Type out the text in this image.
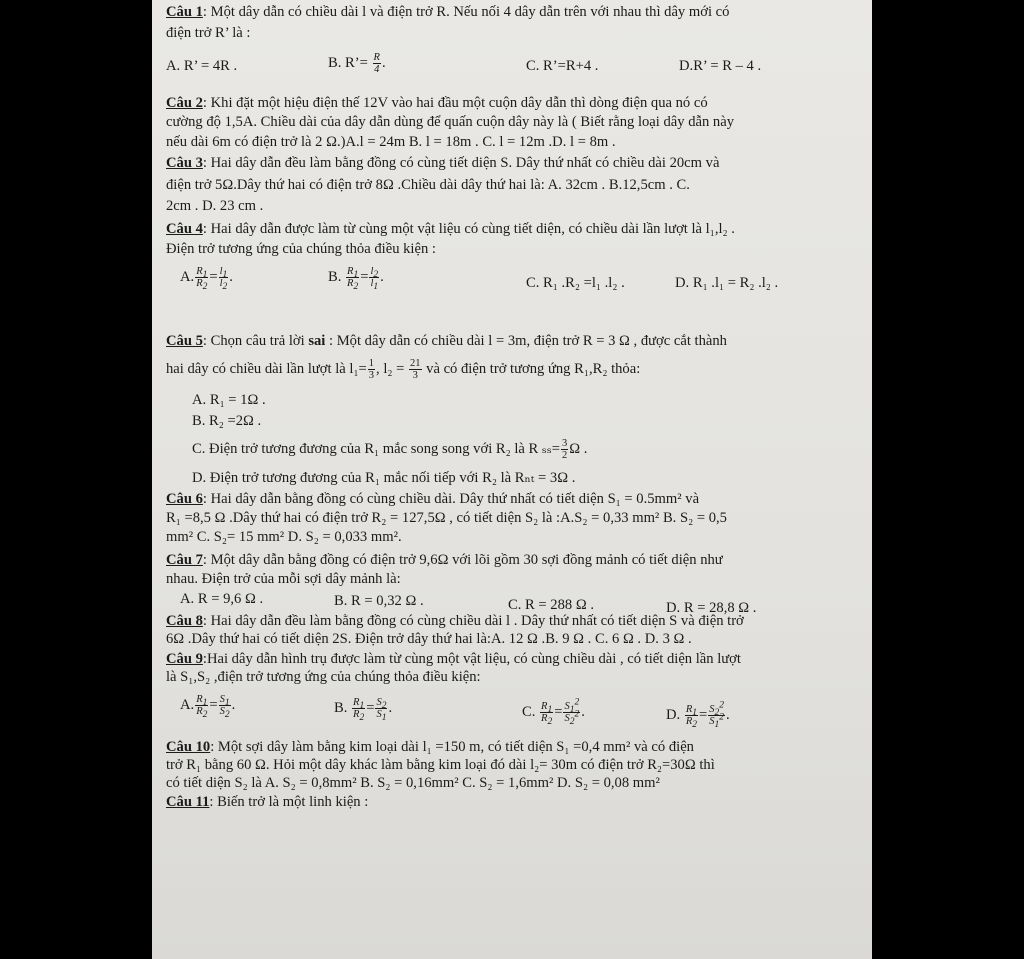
Câu 1: Một dây dẫn có chiều dài l và điện trở R. Nếu nối 4 dây dẫn trên với nhau thì dây mới có
điện trở R’ là :
A. R’ = 4R .	B. R’= $\frac{R}{4}$ .	C. R’=R+4 .	D.R’ = R – 4 .
Câu 2: Khi đặt một hiệu điện thế 12V vào hai đầu một cuộn dây dẫn thì dòng điện qua nó có
cường độ 1,5A. Chiều dài của dây dẫn dùng để quấn cuộn dây này là ( Biết rằng loại dây dẫn này
nếu dài 6m có điện trở là 2 Ω.)A.l = 24m B. l = 18m . C. l = 12m .D. l = 8m .
Câu 3: Hai dây dẫn đều làm bằng đồng có cùng tiết diện S. Dây thứ nhất có chiều dài 20cm và
điện trở 5Ω.Dây thứ hai có điện trở 8Ω .Chiều dài dây thứ hai là: A. 32cm . B.12,5cm . C.
2cm . D. 23 cm .
Câu 4: Hai dây dẫn được làm từ cùng một vật liệu có cùng tiết diện, có chiều dài lần lượt là l₁,l₂ .
Điện trở tương ứng của chúng thỏa điều kiện :
A. $\frac{R_1}{R_2} = \frac{l_1}{l_2}$ .	B. $\frac{R_1}{R_2} = \frac{l_2}{l_1}$ .	C. R₁ .R₂ =l₁ .l₂ .	D. R₁ .l₁ = R₂ .l₂ .
Câu 5: Chọn câu trả lời sai : Một dây dẫn có chiều dài l = 3m, điện trở R = 3 Ω , được cắt thành
hai dây có chiều dài lần lượt là $l_1= \frac{1}{3}$ , $l_2 = \frac{21}{3}$ và có điện trở tương ứng R₁,R₂ thỏa:
A. R₁ = 1Ω .
B. R₂ =2Ω .
C. Điện trở tương đương của R₁ mắc song song với R₂ là R $_{ss}= \frac{3}{2}$ Ω .
D. Điện trở tương đương của R₁ mắc nối tiếp với R₂ là Rₙₜ = 3Ω .
Câu 6: Hai dây dẫn bằng đồng có cùng chiều dài. Dây thứ nhất có tiết diện S₁ = 0.5mm² và
R₁ =8,5 Ω .Dây thứ hai có điện trở R₂ = 127,5Ω , có tiết diện S₂ là :A.S₂ = 0,33 mm² B. S₂ = 0,5
mm² C. S₂= 15 mm² D. S₂ = 0,033 mm².
Câu 7: Một dây dẫn bằng đồng có điện trở 9,6Ω với lõi gồm 30 sợi đồng mảnh có tiết diện như
nhau. Điện trở của mỗi sợi dây mảnh là:
A. R = 9,6 Ω .	B. R = 0,32 Ω .	C. R = 288 Ω .	D. R = 28,8 Ω .
Câu 8: Hai dây dẫn đều làm bằng đồng có cùng chiều dài l . Dây thứ nhất có tiết diện S và điện trở
6Ω .Dây thứ hai có tiết diện 2S. Điện trở dây thứ hai là:A. 12 Ω .B. 9 Ω . C. 6 Ω . D. 3 Ω .
Câu 9:Hai dây dẫn hình trụ được làm từ cùng một vật liệu, có cùng chiều dài , có tiết diện lần lượt
là S₁,S₂ ,điện trở tương ứng của chúng thỏa điều kiện:
A. $\frac{R_1}{R_2} = \frac{S_1}{S_2}$ .	B. $\frac{R_1}{R_2} = \frac{S_2}{S_1}$ .	C. $\frac{R_1}{R_2} = \frac{S_1^2}{S_2^2}$ .	D. $\frac{R_1}{R_2} = \frac{S_2^2}{S_1^2}$ .
Câu 10: Một sợi dây làm bằng kim loại dài l₁ =150 m, có tiết diện S₁ =0,4 mm² và có điện
trở R₁ bằng 60 Ω. Hỏi một dây khác làm bằng kim loại đó dài l₂= 30m có điện trở R₂=30Ω thì
có tiết diện S₂ là A. S₂ = 0,8mm² B. S₂ = 0,16mm² C. S₂ = 1,6mm² D. S₂ = 0,08 mm²
Câu 11: Biến trở là một linh kiện :
